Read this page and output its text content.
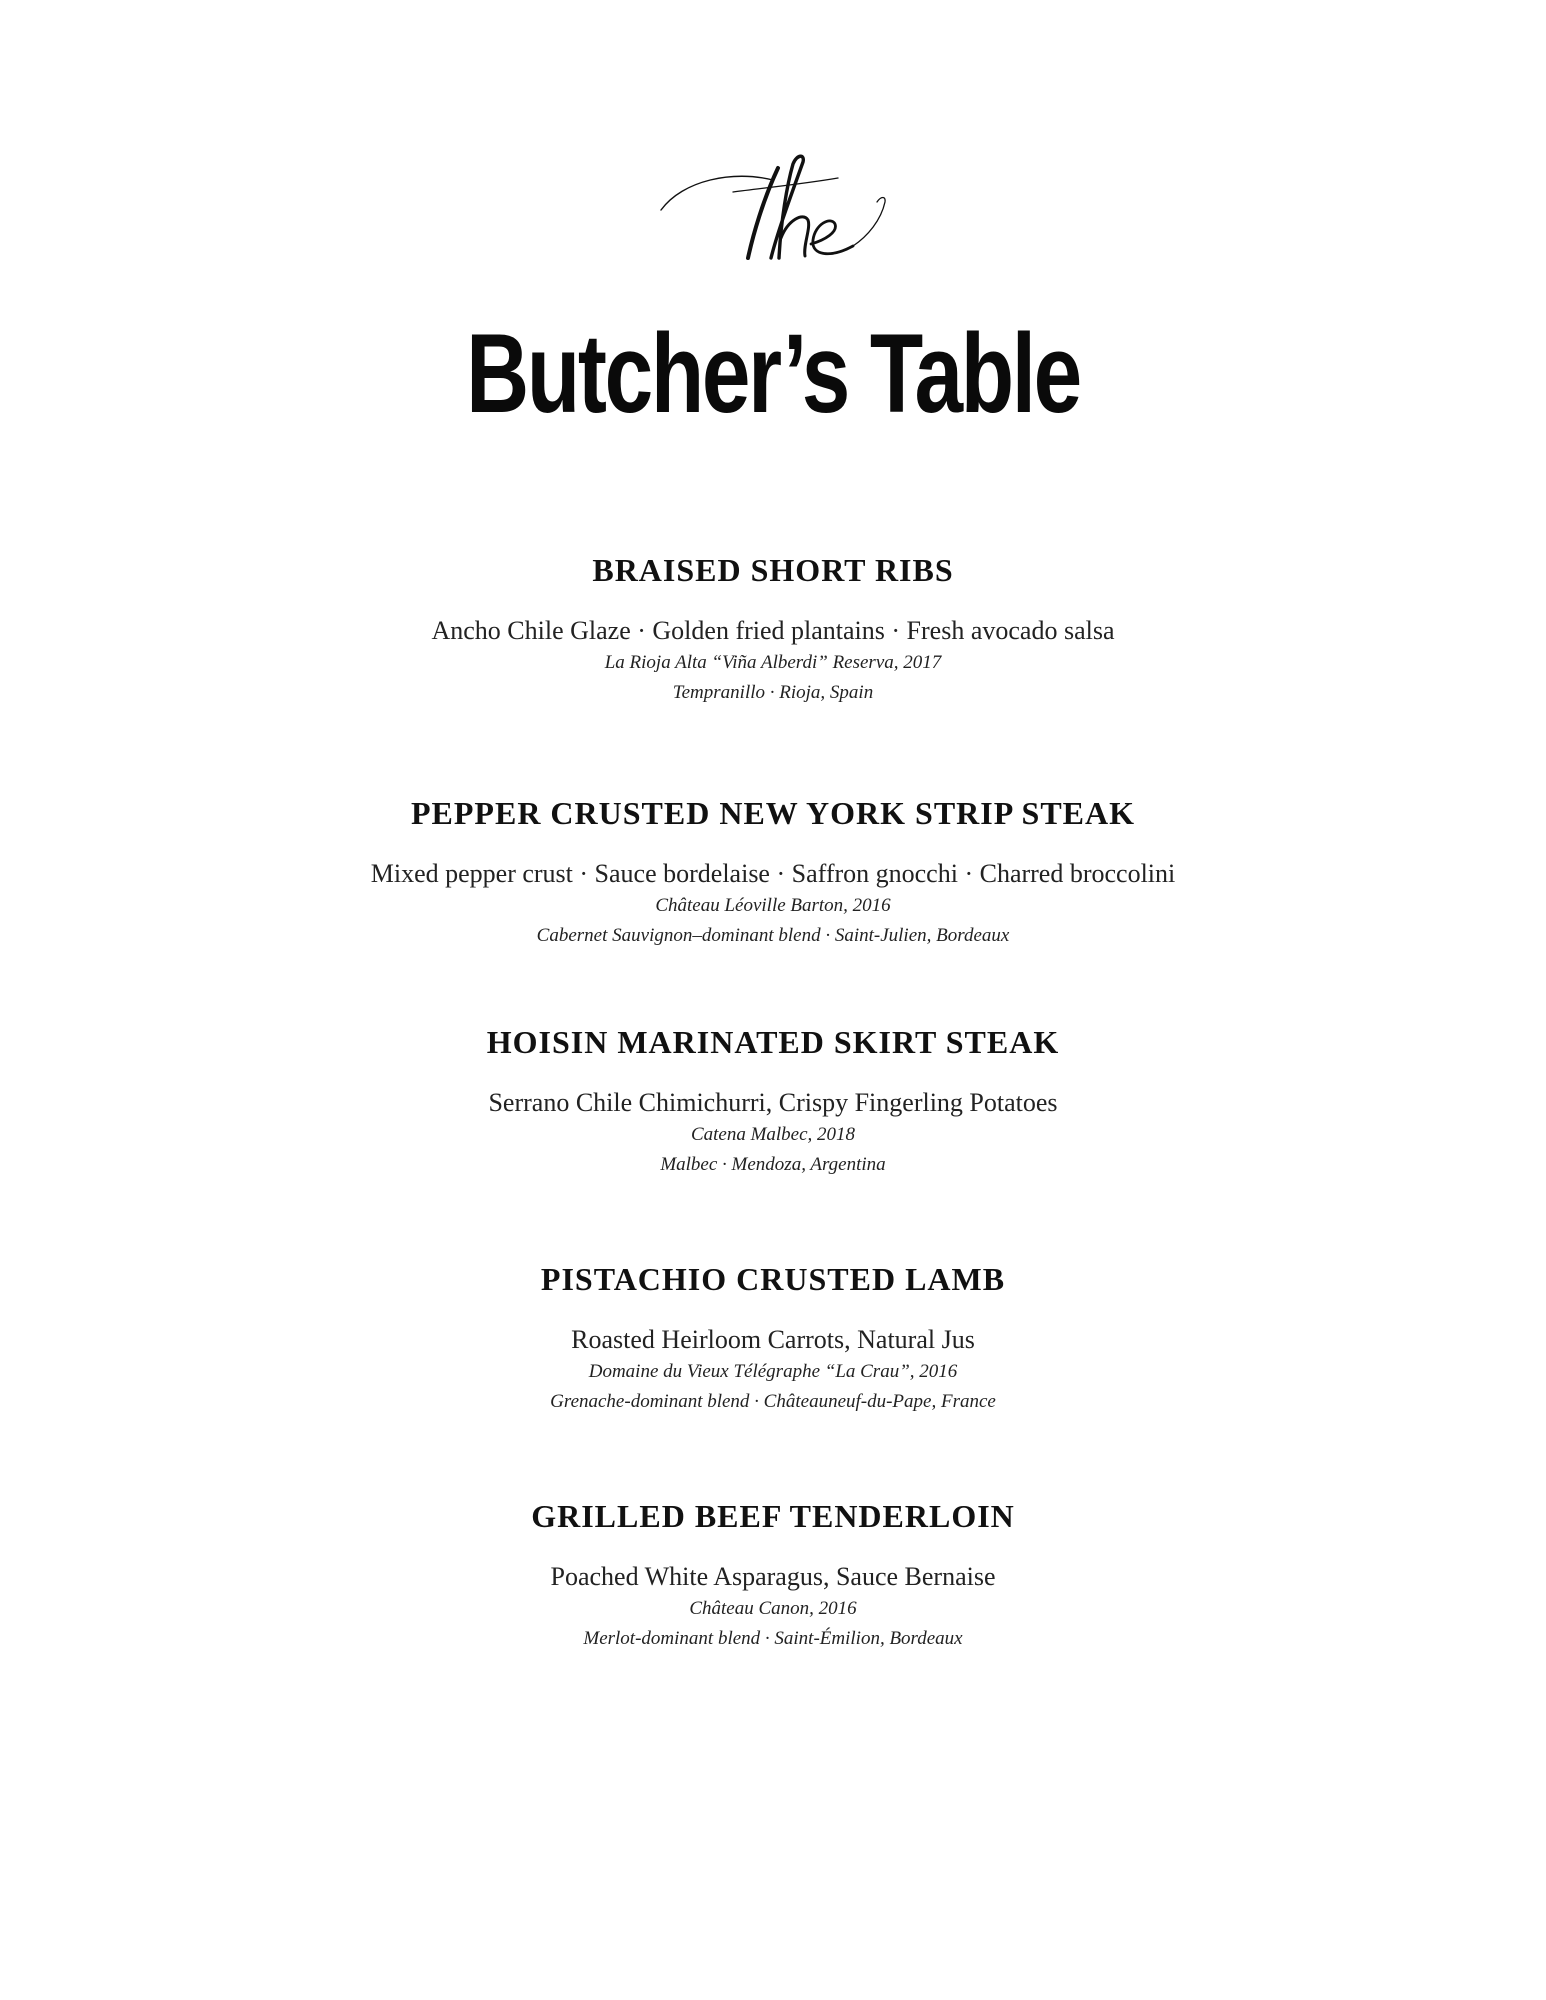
Butcher’s Table
BRAISED SHORT RIBS

Ancho Chile Glaze · Golden fried plantains · Fresh avocado salsa

La Rioja Alta “Viña Alberdi” Reserva, 2017

Tempranillo · Rioja, Spain

PEPPER CRUSTED NEW YORK STRIP STEAK

Mixed pepper crust · Sauce bordelaise · Saffron gnocchi · Charred broccolini

Château Léoville Barton, 2016

Cabernet Sauvignon–dominant blend · Saint-Julien, Bordeaux

HOISIN MARINATED SKIRT STEAK

Serrano Chile Chimichurri, Crispy Fingerling Potatoes

Catena Malbec, 2018

Malbec · Mendoza, Argentina

PISTACHIO CRUSTED LAMB

Roasted Heirloom Carrots, Natural Jus

Domaine du Vieux Télégraphe “La Crau”, 2016

Grenache-dominant blend · Châteauneuf-du-Pape, France

GRILLED BEEF TENDERLOIN

Poached White Asparagus, Sauce Bernaise

Château Canon, 2016

Merlot-dominant blend · Saint-Émilion, Bordeaux
